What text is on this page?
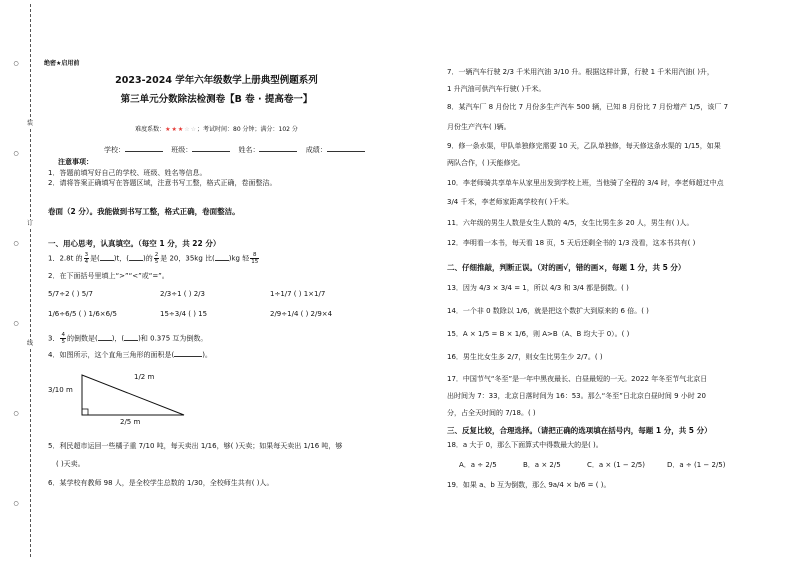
装
订
线
○
○
○
○
○
○
绝密★启用前
2023-2024 学年六年级数学上册典型例题系列
第三单元分数除法检测卷【B 卷 · 提高卷一】
难度系数：★★★☆☆；考试时间：80 分钟；满分：102 分
学校：	班级：	姓名：	成绩：
注意事项：
1．答题前填写好自己的学校、班级、姓名等信息。
2．请将答案正确填写在答题区域，注意书写工整，格式正确，卷面整洁。
卷面（2 分）。我能做到书写工整，格式正确，卷面整洁。
一、用心思考，认真填空。（每空 1 分，共 22 分）
1．2.8t 的 $\frac{3}{4}$ 是( )t，( )的 $\frac{2}{5}$ 是 20，35kg 比( )kg 轻 $\frac{8}{15}$
2．在下面括号里填上“>”“<”或“=”。
5/7÷2 ( ) 5/7	2/3÷1 ( ) 2/3	1÷1/7 ( ) 1×1/7
1/6÷6/5 ( ) 1/6×6/5	15÷3/4 ( ) 15	2/9÷1/4 ( ) 2/9×4
3． $\frac{4}{5}$ 的倒数是( )，( )和 0.375 互为倒数。
4．如图所示，这个直角三角形的面积是(	)。
3/10 m
1/2 m
2/5 m
5．利民超市运回一些橘子重 7/10 吨，每天卖出 1/16，够( )天卖；如果每天卖出 1/16 吨，够
( )天卖。
6．某学校有教师 98 人，是全校学生总数的 1/30，全校师生共有( )人。
7．一辆汽车行驶 2/3 千米用汽油 3/10 升。根据这样计算，行驶 1 千米用汽油( )升，
1 升汽油可供汽车行驶( )千米。
8．某汽车厂 8 月份比 7 月份多生产汽车 500 辆，已知 8 月份比 7 月份增产 1/5，该厂 7
月份生产汽车( )辆。
9．修一条水渠，甲队单独修完需要 10 天，乙队单独修，每天修这条水渠的 1/15，如果
两队合作，( )天能修完。
10．李老师骑共享单车从家里出发到学校上班，当他骑了全程的 3/4 时，李老师超过中点
3/4 千米，李老师家距离学校有( )千米。
11．六年级的男生人数是女生人数的 4/5，女生比男生多 20 人，男生有( )人。
12．李明看一本书，每天看 18 页，5 天后还剩全书的 1/3 没看，这本书共有( )
二、仔细推敲，判断正误。（对的画√，错的画×，每题 1 分，共 5 分）
13．因为 4/3 × 3/4 = 1，所以 4/3 和 3/4 都是倒数。( )
14．一个非 0 数除以 1/6，就是把这个数扩大到原来的 6 倍。( )
15．A × 1/5 = B × 1/6，则 A>B（A、B 均大于 0）。( )
16．男生比女生多 2/7，则女生比男生少 2/7。( )
17．中国节气“冬至”是一年中黑夜最长、白昼最短的一天。2022 年冬至节气北京日
出时间为 7：33，北京日落时间为 16：53。那么“冬至”日北京白昼时间 9 小时 20
分，占全天时间的 7/18。( )
三、反复比较，合理选择。（请把正确的选项填在括号内，每题 1 分，共 5 分）
18．a 大于 0，那么下面算式中得数最大的是( )。
A．a ÷ 2/5	B．a × 2/5	C．a × (1 − 2/5)	D．a ÷ (1 − 2/5)
19．如果 a、b 互为倒数，那么 9a/4 × b/6 = ( )。
